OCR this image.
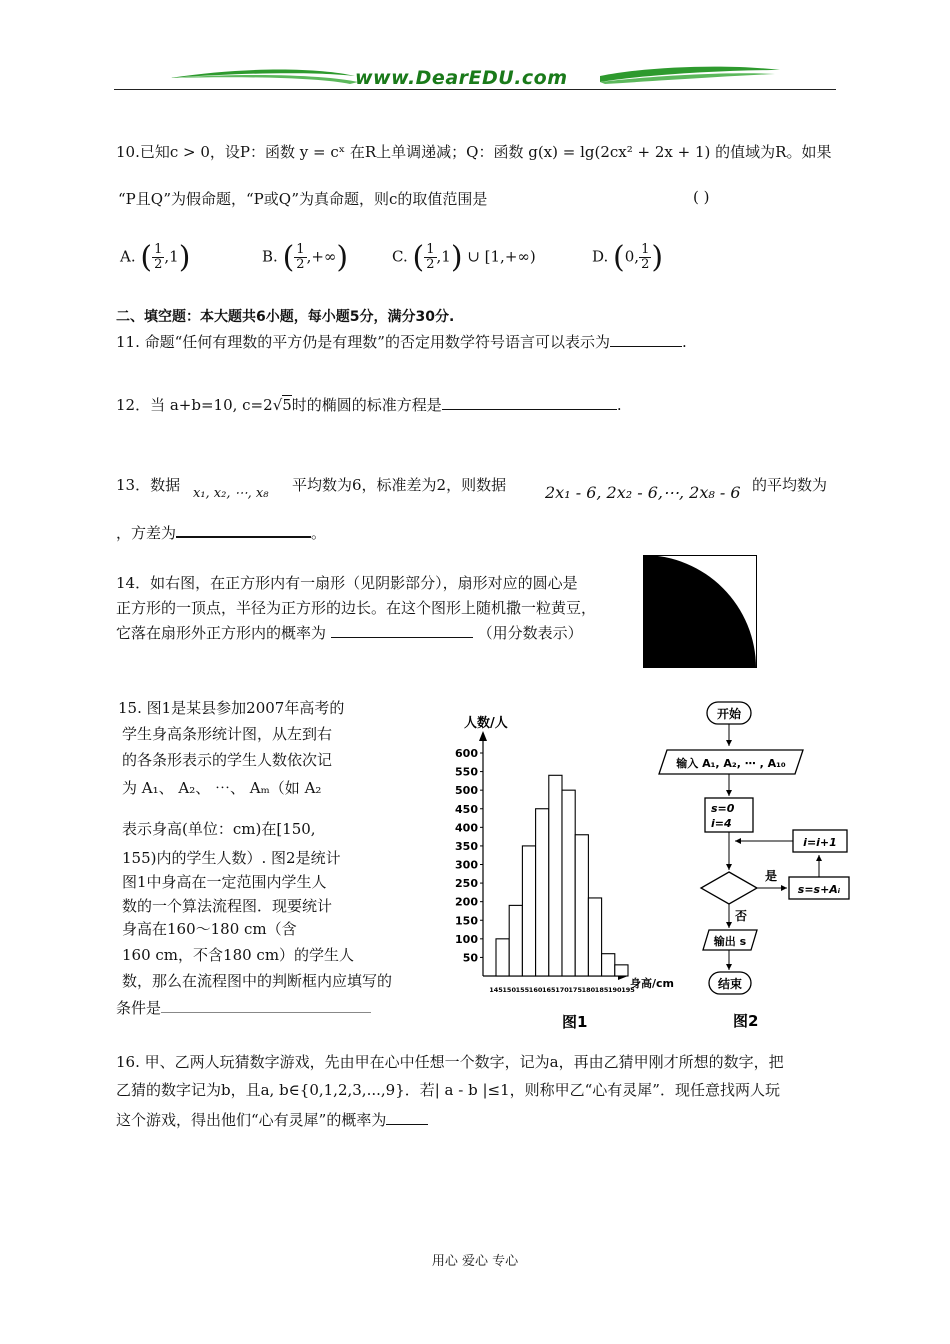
www.DearEDU.com
10.已知c > 0，设P：函数 y = cˣ 在R上单调递减；Q：函数 g(x) = lg(2cx² + 2x + 1) 的值域为R。如果
“P且Q”为假命题，“P或Q”为真命题，则c的取值范围是	( )
A. ( $\frac{1}{2} ,1$)	B. ( $\frac{1}{2}$ ,+∞)	C. ( $\frac{1}{2} ,1$) ∪ [1,+∞)	D. (0, $\frac{1}{2}$ )
二、填空题：本大题共6小题，每小题5分，满分30分.
11. 命题“任何有理数的平方仍是有理数”的否定用数学符号语言可以表示为	.
12．当 a+b=10, c=2√5时的椭圆的标准方程是	.
13．数据 x₁, x₂, ⋯, x₈ 平均数为6，标准差为2，则数据 2x₁ - 6, 2x₂ - 6,⋯, 2x₈ - 6 的平均数为
，方差为	。
14．如右图，在正方形内有一扇形（见阴影部分），扇形对应的圆心是
正方形的一顶点，半径为正方形的边长。在这个图形上随机撒一粒黄豆，
它落在扇形外正方形内的概率为	（用分数表示）
15. 图1是某县参加2007年高考的
学生身高条形统计图，从左到右
的各条形表示的学生人数依次记
为 A₁、 A₂、 ⋯、 Aₘ（如 A₂
表示身高(单位：cm)在[150,
155)内的学生人数）. 图2是统计
图1中身高在一定范围内学生人
数的一个算法流程图．现要统计
身高在160～180 cm（含
160 cm，不含180 cm）的学生人
数，那么在流程图中的判断框内应填写的
条件是
人数/人
身高/cm
50
100
150
200
250
300
350
400
450
500
550
600
145 150 155 160 165 170 175 180 185 190 195
图1
开始
输入 A₁, A₂, ⋯ , A₁₀
s=0
i=4
i=i+1
是
s=s+Aᵢ
否
输出 s
结束
图2
16. 甲、乙两人玩猜数字游戏，先由甲在心中任想一个数字，记为a，再由乙猜甲刚才所想的数字，把
乙猜的数字记为b，且a, b∈{0,1,2,3,...,9}．若| a - b |≤1，则称甲乙“心有灵犀”．现任意找两人玩
这个游戏，得出他们“心有灵犀”的概率为
用心 爱心 专心
